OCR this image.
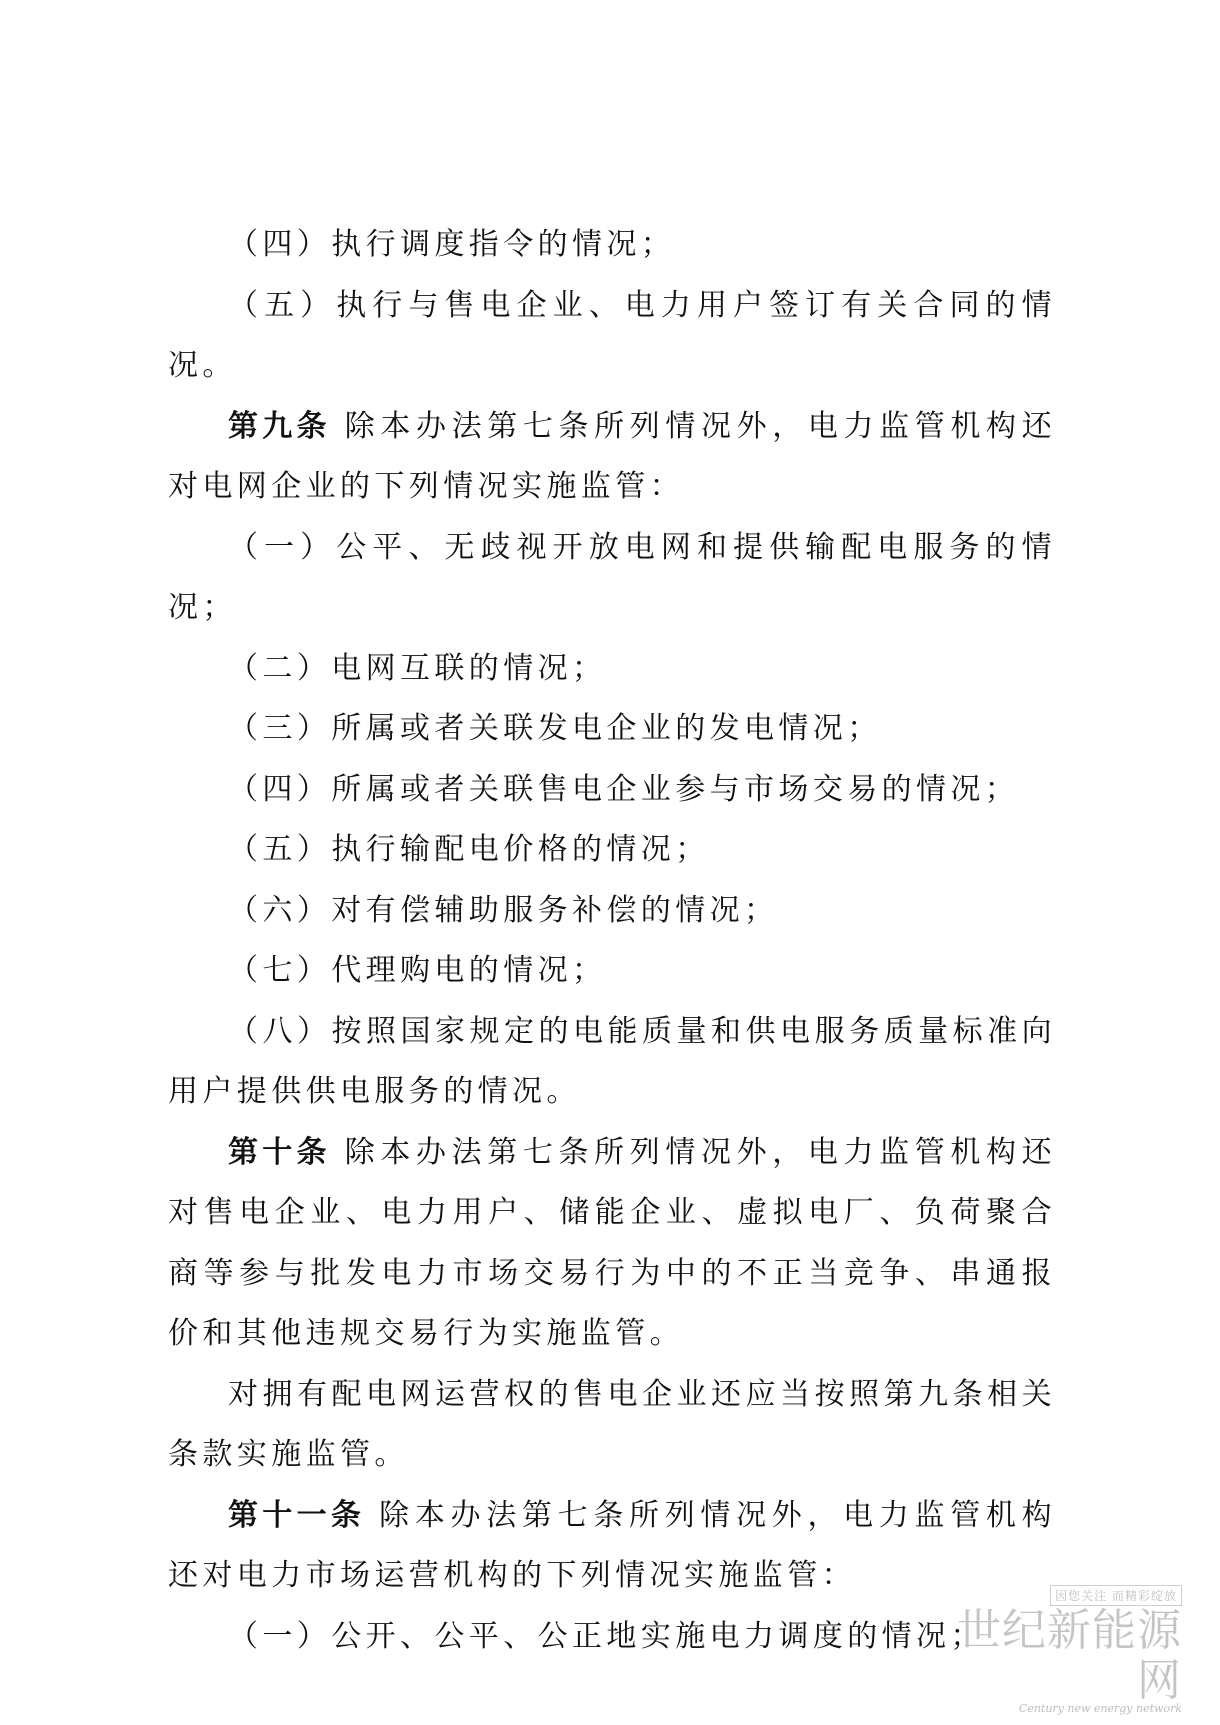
（四）执行调度指令的情况；

（五）执行与售电企业、电力用户签订有关合同的情况。

第九条 除本办法第七条所列情况外，电力监管机构还对电网企业的下列情况实施监管：

（一）公平、无歧视开放电网和提供输配电服务的情况；

（二）电网互联的情况；

（三）所属或者关联发电企业的发电情况；

（四）所属或者关联售电企业参与市场交易的情况；

（五）执行输配电价格的情况；

（六）对有偿辅助服务补偿的情况；

（七）代理购电的情况；

（八）按照国家规定的电能质量和供电服务质量标准向用户提供供电服务的情况。

第十条 除本办法第七条所列情况外，电力监管机构还对售电企业、电力用户、储能企业、虚拟电厂、负荷聚合商等参与批发电力市场交易行为中的不正当竞争、串通报价和其他违规交易行为实施监管。

对拥有配电网运营权的售电企业还应当按照第九条相关条款实施监管。

第十一条 除本办法第七条所列情况外，电力监管机构还对电力市场运营机构的下列情况实施监管：

（一）公开、公平、公正地实施电力调度的情况；

因您关注 而精彩绽放
世纪新能源网
Century new energy network
